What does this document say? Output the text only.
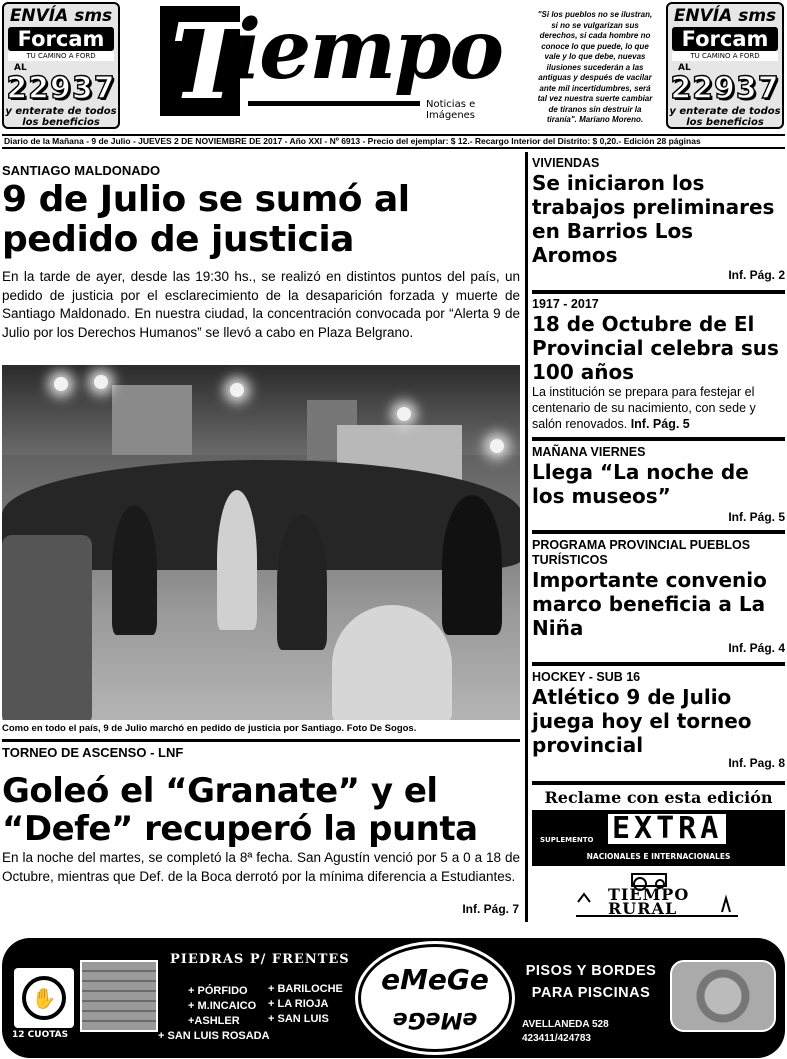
ENVÍA sms
Forcam
TU CAMINO A FORD
AL
22937
y enterate de todos los beneficios T
iempo
Noticias e Imágenes
"Si los pueblos no se ilustran, si no se vulgarizan sus derechos, si cada hombre no conoce lo que puede, lo que vale y lo que debe, nuevas ilusiones sucederán a las antiguas y después de vacilar ante mil incertidumbres, será tal vez nuestra suerte cambiar de tiranos sin destruir la tiranía". Mariano Moreno.
ENVÍA sms
Forcam
TU CAMINO A FORD
AL
22937
y enterate de todos los beneficios
Diario de la Mañana - 9 de Julio - JUEVES 2 DE NOVIEMBRE DE 2017 - Año XXI - Nº 6913 - Precio del ejemplar: $ 12.- Recargo Interior del Distrito: $ 0,20.- Edición 28 páginas
SANTIAGO MALDONADO
9 de Julio se sumó al pedido de justicia

En la tarde de ayer, desde las 19:30 hs., se realizó en distintos puntos del país, un pedido de justicia por el esclarecimiento de la desaparición forzada y muerte de Santiago Maldonado. En nuestra ciudad, la concentración convocada por “Alerta 9 de Julio por los Derechos Humanos” se llevó a cabo en Plaza Belgrano.

Como en todo el país, 9 de Julio marchó en pedido de justicia por Santiago. Foto De Sogos.
TORNEO DE ASCENSO - LNF
Goleó el “Granate” y el “Defe” recuperó la punta

En la noche del martes, se completó la 8ª fecha. San Agustín venció por 5 a 0 a 18 de Octubre, mientras que Def. de la Boca derrotó por la mínima diferencia a Estudiantes.

Inf. Pág. 7
VIVIENDAS
Se iniciaron los trabajos preliminares en Barrios Los Aromos
Inf. Pág. 2
1917 - 2017
18 de Octubre de El Provincial celebra sus 100 años
La institución se prepara para festejar el centenario de su nacimiento, con sede y salón renovados. Inf. Pág. 5
MAÑANA VIERNES
Llega “La noche de los museos”
Inf. Pág. 5
PROGRAMA PROVINCIAL PUEBLOS TURÍSTICOS
Importante convenio marco beneficia a La Niña
Inf. Pág. 4
HOCKEY - SUB 16
Atlético 9 de Julio juega hoy el torneo provincial
Inf. Pag. 8
Reclame con esta edición
SUPLEMENTO EXTRA
NACIONALES E INTERNACIONALES
TIEMPO RURAL
✋
12 CUOTAS
PIEDRAS P/ FRENTES
+ PÓRFIDO
+ M.INCAICO
+ASHLER
+ BARILOCHE
+ LA RIOJA
+ SAN LUIS
+ SAN LUIS ROSADA
eMeGe
eMeGe
PISOS Y BORDES
PARA PISCINAS
AVELLANEDA 528
423411/424783
